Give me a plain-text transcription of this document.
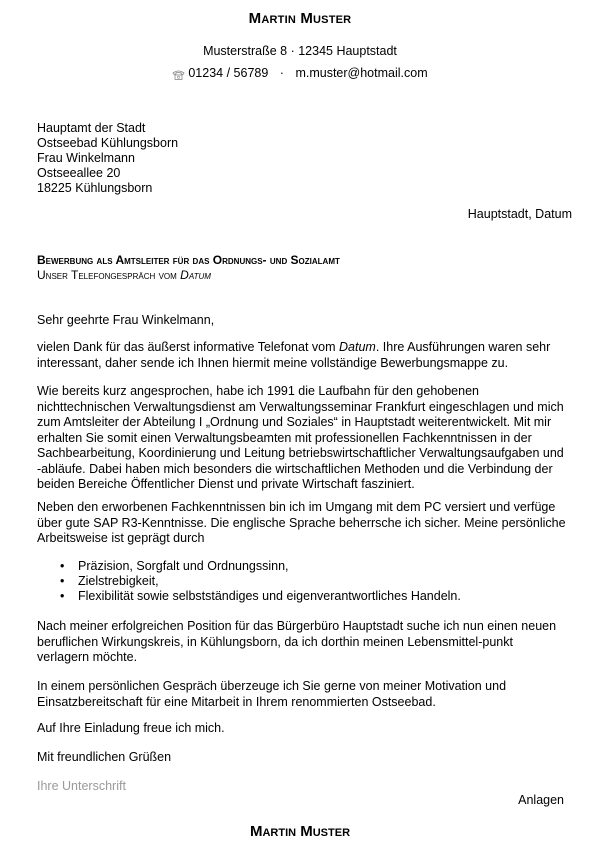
Martin Muster
Musterstraße 8 · 12345 Hauptstadt
01234 / 56789 · m.muster@hotmail.com
Hauptamt der Stadt
Ostseebad Kühlungsborn
Frau Winkelmann
Ostseeallee 20
18225 Kühlungsborn
Hauptstadt, Datum
Bewerbung als Amtsleiter für das Ordnungs- und Sozialamt
Unser Telefongespräch vom Datum
Sehr geehrte Frau Winkelmann,
vielen Dank für das äußerst informative Telefonat vom Datum. Ihre Ausführungen waren sehr interessant, daher sende ich Ihnen hiermit meine vollständige Bewerbungsmappe zu.
Wie bereits kurz angesprochen, habe ich 1991 die Laufbahn für den gehobenen nichttechnischen Verwaltungsdienst am Verwaltungsseminar Frankfurt eingeschlagen und mich zum Amtsleiter der Abteilung I „Ordnung und Soziales“ in Hauptstadt weiterentwickelt. Mit mir erhalten Sie somit einen Verwaltungsbeamten mit professionellen Fachkenntnissen in der Sachbearbeitung, Koordinierung und Leitung betriebswirtschaftlicher Verwaltungsaufgaben und -abläufe. Dabei haben mich besonders die wirtschaftlichen Methoden und die Verbindung der beiden Bereiche Öffentlicher Dienst und private Wirtschaft fasziniert.
Neben den erworbenen Fachkenntnissen bin ich im Umgang mit dem PC versiert und verfüge über gute SAP R3-Kenntnisse. Die englische Sprache beherrsche ich sicher. Meine persönliche Arbeitsweise ist geprägt durch
•	Präzision, Sorgfalt und Ordnungssinn,
•	Zielstrebigkeit,
•	Flexibilität sowie selbstständiges und eigenverantwortliches Handeln.
Nach meiner erfolgreichen Position für das Bürgerbüro Hauptstadt suche ich nun einen neuen beruflichen Wirkungskreis, in Kühlungsborn, da ich dorthin meinen Lebensmittel-punkt verlagern möchte.
In einem persönlichen Gespräch überzeuge ich Sie gerne von meiner Motivation und Einsatzbereitschaft für eine Mitarbeit in Ihrem renommierten Ostseebad.
Auf Ihre Einladung freue ich mich.
Mit freundlichen Grüßen
Ihre Unterschrift
Anlagen
Martin Muster
